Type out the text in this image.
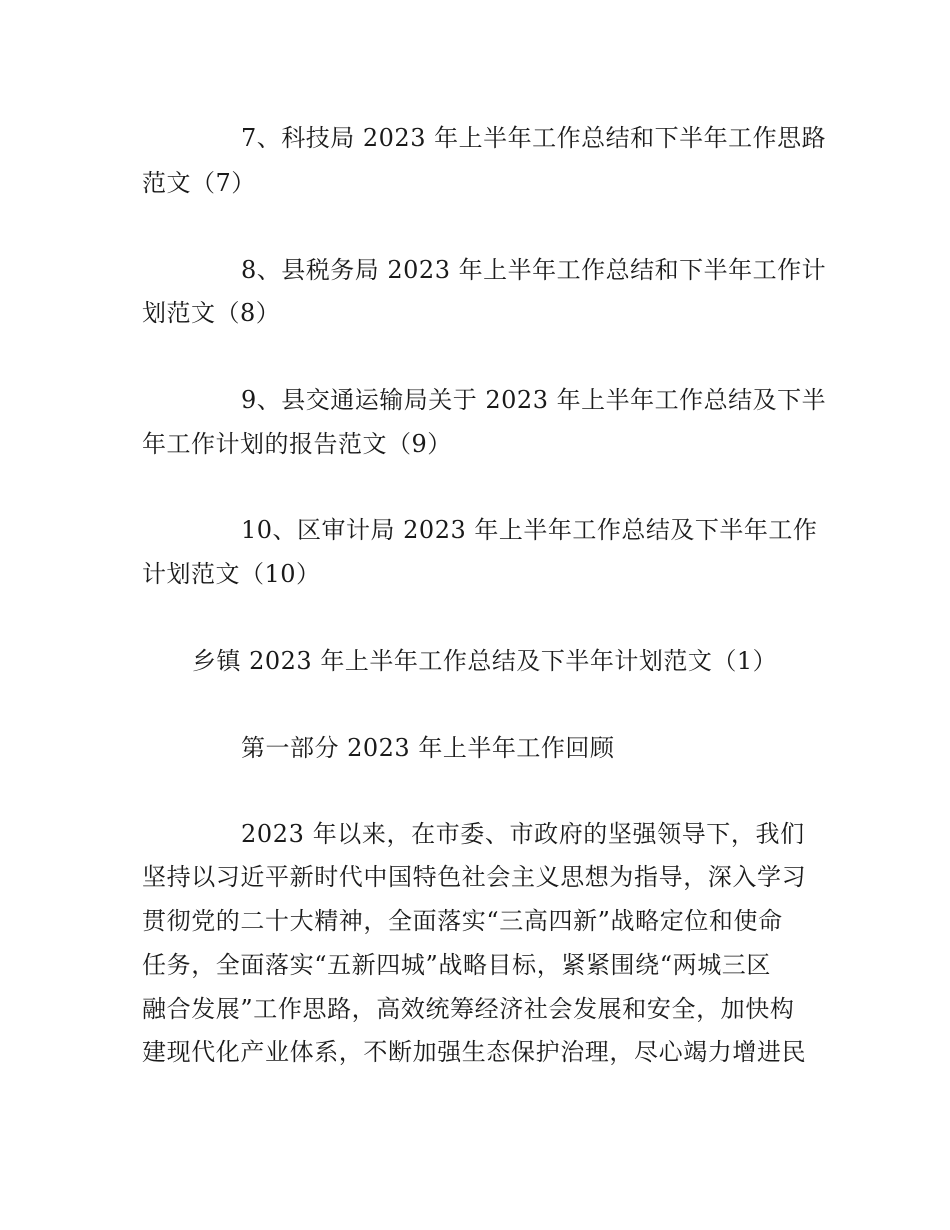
7、科技局 2023 年上半年工作总结和下半年工作思路
范文（7）
8、县税务局 2023 年上半年工作总结和下半年工作计
划范文（8）
9、县交通运输局关于 2023 年上半年工作总结及下半
年工作计划的报告范文（9）
10、区审计局 2023 年上半年工作总结及下半年工作
计划范文（10）
乡镇 2023 年上半年工作总结及下半年计划范文（1）
第一部分 2023 年上半年工作回顾
2023 年以来，在市委、市政府的坚强领导下，我们
坚持以习近平新时代中国特色社会主义思想为指导，深入学习
贯彻党的二十大精神，全面落实“三高四新”战略定位和使命
任务，全面落实“五新四城”战略目标，紧紧围绕“两城三区
融合发展”工作思路，高效统筹经济社会发展和安全，加快构
建现代化产业体系，不断加强生态保护治理，尽心竭力增进民
